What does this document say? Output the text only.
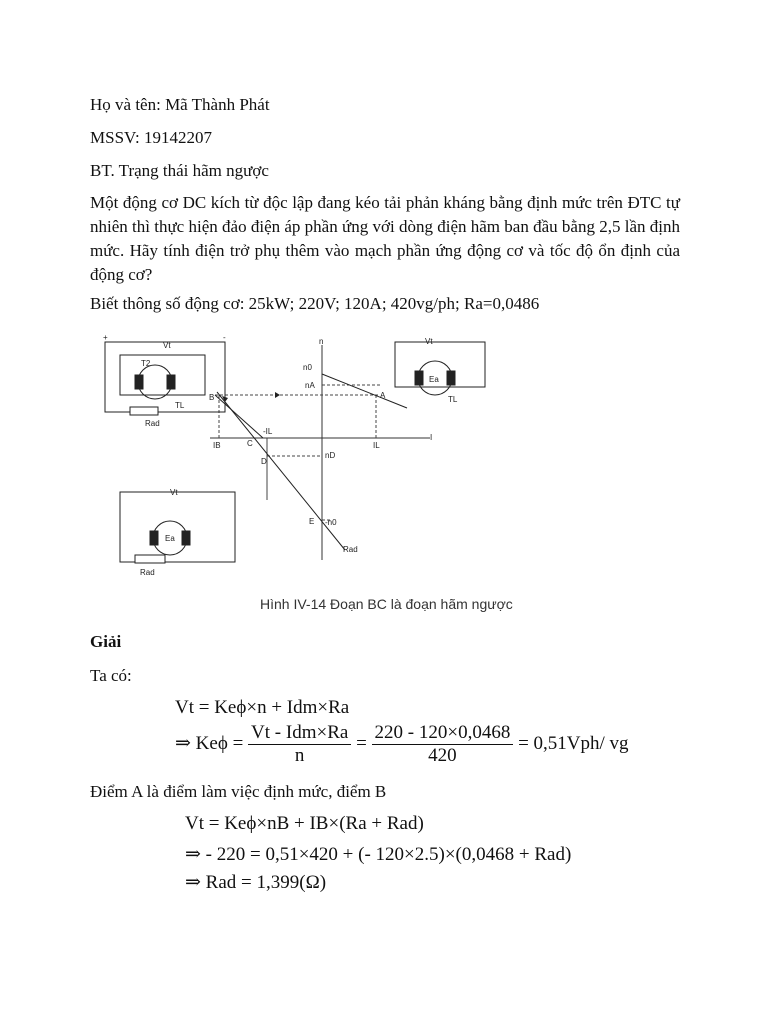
Họ và tên: Mã Thành Phát
MSSV: 19142207
BT. Trạng thái hãm ngược
Một động cơ DC kích từ độc lập đang kéo tải phản kháng bằng định mức trên ĐTC tự nhiên thì thực hiện đảo điện áp phần ứng với dòng điện hãm ban đầu bằng 2,5 lần định mức. Hãy tính điện trở phụ thêm vào mạch phần ứng động cơ và tốc độ ổn định của động cơ?
Biết thông số động cơ: 25kW; 220V; 120A; 420vg/ph; Ra=0,0486
n
I
n0
nA
nD
-n0
A
B
C
D
E
IB	IL
-IL
Rad
Vt
+	-
T2
TL
Rad
Vt
Ea
TL
Vt
Ea
Rad
Hình IV-14 Đoạn BC là đoạn hãm ngược
Giải
Ta có:
Vt = Keϕ×n + Idm×Ra
⇒ $Ke\phi = \frac{\text{Vt - Idm×Ra}}{n} = \frac{220 - 120\times 0,0468}{420} = 0,51Vph/$ vg
Điểm A là điểm làm việc định mức, điểm B
Vt = Keϕ×nB + IB×(Ra + Rad)
⇒ - 220 = 0,51×420 + (- 120×2.5)×(0,0468 + Rad)
⇒ Rad = 1,399(Ω)
